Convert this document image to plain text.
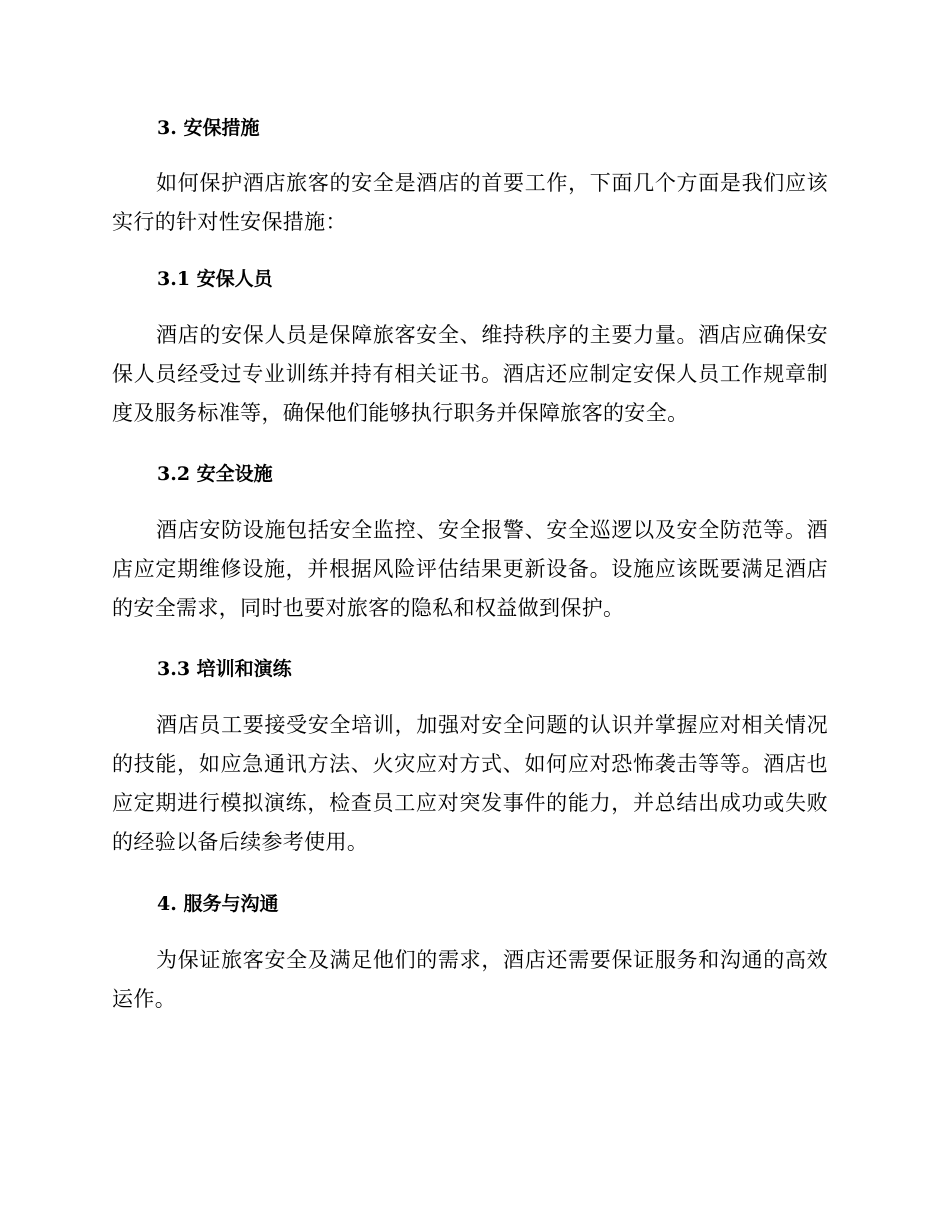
3. 安保措施

如何保护酒店旅客的安全是酒店的首要工作，下面几个方面是我们应该实行的针对性安保措施：

3.1 安保人员

酒店的安保人员是保障旅客安全、维持秩序的主要力量。酒店应确保安保人员经受过专业训练并持有相关证书。酒店还应制定安保人员工作规章制度及服务标准等，确保他们能够执行职务并保障旅客的安全。

3.2 安全设施

酒店安防设施包括安全监控、安全报警、安全巡逻以及安全防范等。酒店应定期维修设施，并根据风险评估结果更新设备。设施应该既要满足酒店的安全需求，同时也要对旅客的隐私和权益做到保护。

3.3 培训和演练

酒店员工要接受安全培训，加强对安全问题的认识并掌握应对相关情况的技能，如应急通讯方法、火灾应对方式、如何应对恐怖袭击等等。酒店也应定期进行模拟演练，检查员工应对突发事件的能力，并总结出成功或失败的经验以备后续参考使用。

4. 服务与沟通

为保证旅客安全及满足他们的需求，酒店还需要保证服务和沟通的高效运作。
